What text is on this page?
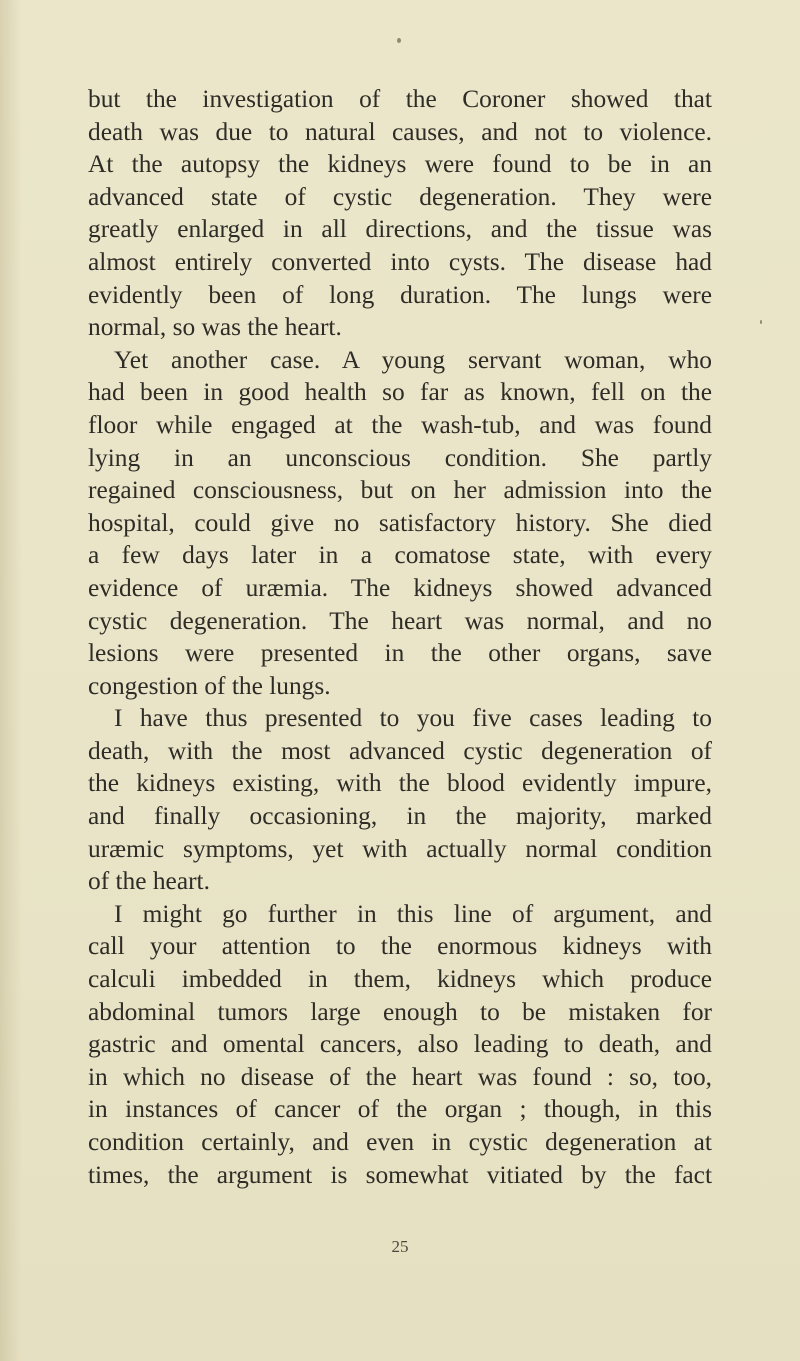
but the investigation of the Coroner showed that
death was due to natural causes, and not to violence.
At the autopsy the kidneys were found to be in an
advanced state of cystic degeneration. They were
greatly enlarged in all directions, and the tissue was
almost entirely converted into cysts. The disease had
evidently been of long duration. The lungs were
normal, so was the heart.
Yet another case. A young servant woman, who
had been in good health so far as known, fell on the
floor while engaged at the wash-tub, and was found
lying in an unconscious condition. She partly
regained consciousness, but on her admission into the
hospital, could give no satisfactory history. She died
a few days later in a comatose state, with every
evidence of uræmia. The kidneys showed advanced
cystic degeneration. The heart was normal, and no
lesions were presented in the other organs, save
congestion of the lungs.
I have thus presented to you five cases leading to
death, with the most advanced cystic degeneration of
the kidneys existing, with the blood evidently impure,
and finally occasioning, in the majority, marked
uræmic symptoms, yet with actually normal condition
of the heart.
I might go further in this line of argument, and
call your attention to the enormous kidneys with
calculi imbedded in them, kidneys which produce
abdominal tumors large enough to be mistaken for
gastric and omental cancers, also leading to death, and
in which no disease of the heart was found : so, too,
in instances of cancer of the organ ; though, in this
condition certainly, and even in cystic degeneration at
times, the argument is somewhat vitiated by the fact
25
